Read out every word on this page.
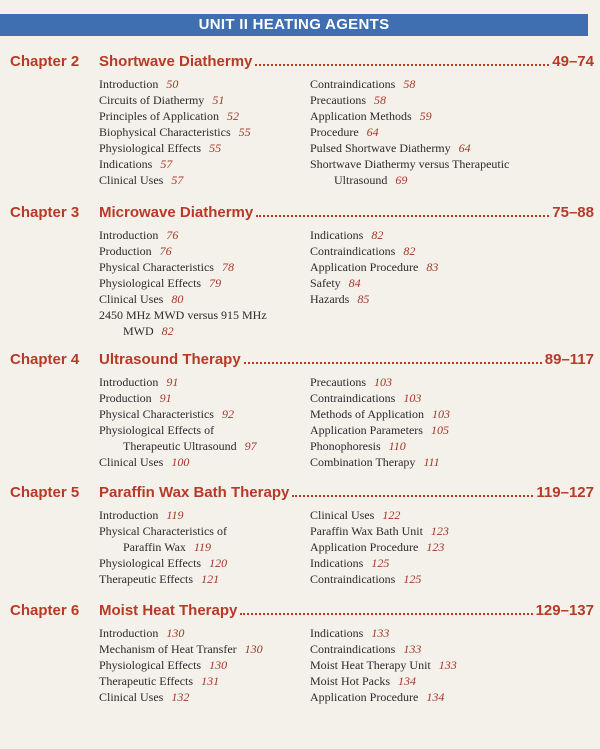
UNIT II HEATING AGENTS
Chapter 2 Shortwave Diathermy	49–74
Introduction 50
Circuits of Diathermy 51
Principles of Application 52
Biophysical Characteristics 55
Physiological Effects 55
Indications 57
Clinical Uses 57
Contraindications 58
Precautions 58
Application Methods 59
Procedure 64
Pulsed Shortwave Diathermy 64
Shortwave Diathermy versus Therapeutic
Ultrasound 69
Chapter 3 Microwave Diathermy	75–88
Introduction 76
Production 76
Physical Characteristics 78
Physiological Effects 79
Clinical Uses 80
2450 MHz MWD versus 915 MHz
MWD 82
Indications 82
Contraindications 82
Application Procedure 83
Safety 84
Hazards 85
Chapter 4 Ultrasound Therapy	89–117
Introduction 91
Production 91
Physical Characteristics 92
Physiological Effects of
Therapeutic Ultrasound 97
Clinical Uses 100
Precautions 103
Contraindications 103
Methods of Application 103
Application Parameters 105
Phonophoresis 110
Combination Therapy 111
Chapter 5 Paraffin Wax Bath Therapy	119–127
Introduction 119
Physical Characteristics of
Paraffin Wax 119
Physiological Effects 120
Therapeutic Effects 121
Clinical Uses 122
Paraffin Wax Bath Unit 123
Application Procedure 123
Indications 125
Contraindications 125
Chapter 6 Moist Heat Therapy	129–137
Introduction 130
Mechanism of Heat Transfer 130
Physiological Effects 130
Therapeutic Effects 131
Clinical Uses 132
Indications 133
Contraindications 133
Moist Heat Therapy Unit 133
Moist Hot Packs 134
Application Procedure 134
